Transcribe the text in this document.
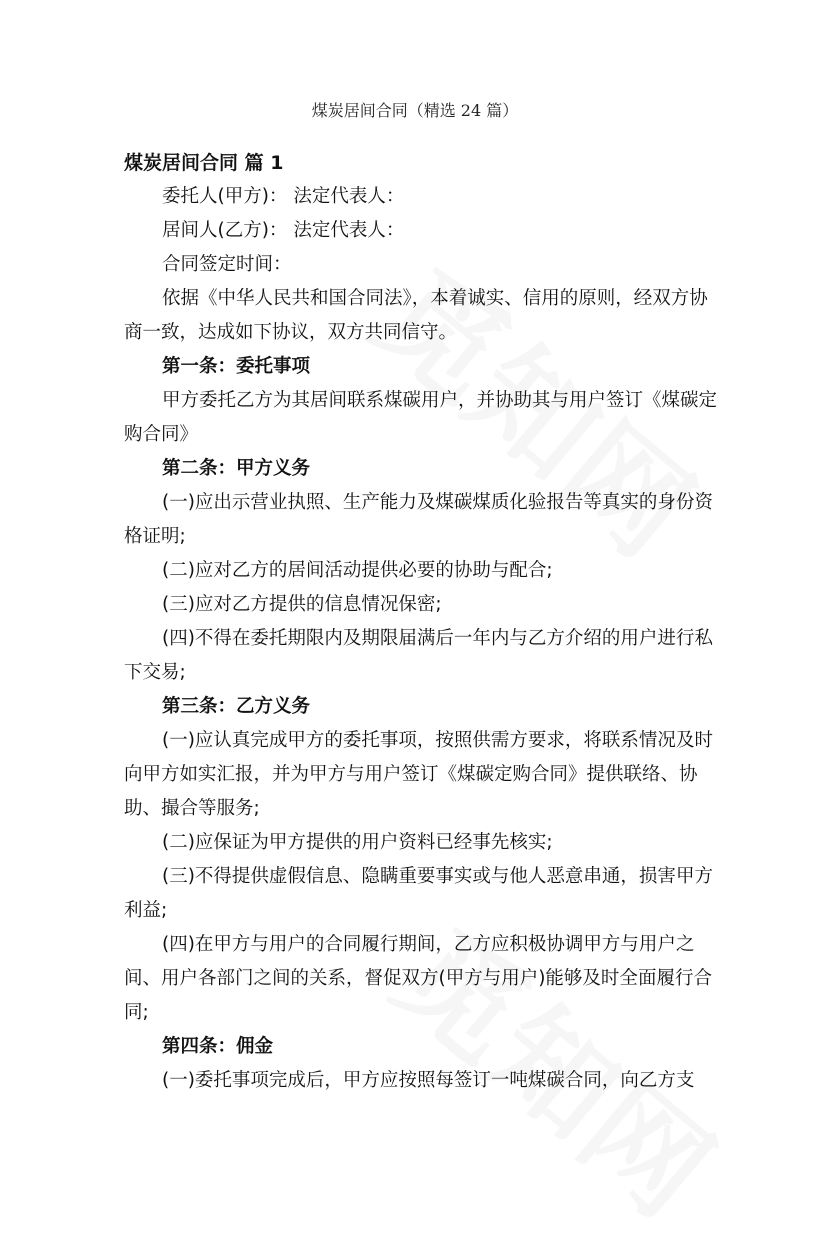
煤炭居间合同（精选 24 篇）

煤炭居间合同 篇 1

委托人(甲方)： 法定代表人：

居间人(乙方)： 法定代表人：

合同签定时间：

依据《中华人民共和国合同法》，本着诚实、信用的原则，经双方协商一致，达成如下协议，双方共同信守。

第一条：委托事项

甲方委托乙方为其居间联系煤碳用户，并协助其与用户签订《煤碳定购合同》

第二条：甲方义务

(一)应出示营业执照、生产能力及煤碳煤质化验报告等真实的身份资格证明;

(二)应对乙方的居间活动提供必要的协助与配合;

(三)应对乙方提供的信息情况保密;

(四)不得在委托期限内及期限届满后一年内与乙方介绍的用户进行私下交易;

第三条：乙方义务

(一)应认真完成甲方的委托事项，按照供需方要求，将联系情况及时向甲方如实汇报，并为甲方与用户签订《煤碳定购合同》提供联络、协助、撮合等服务;

(二)应保证为甲方提供的用户资料已经事先核实;

(三)不得提供虚假信息、隐瞒重要事实或与他人恶意串通，损害甲方利益;

(四)在甲方与用户的合同履行期间，乙方应积极协调甲方与用户之间、用户各部门之间的关系，督促双方(甲方与用户)能够及时全面履行合同;

第四条：佣金

(一)委托事项完成后，甲方应按照每签订一吨煤碳合同，向乙方支
